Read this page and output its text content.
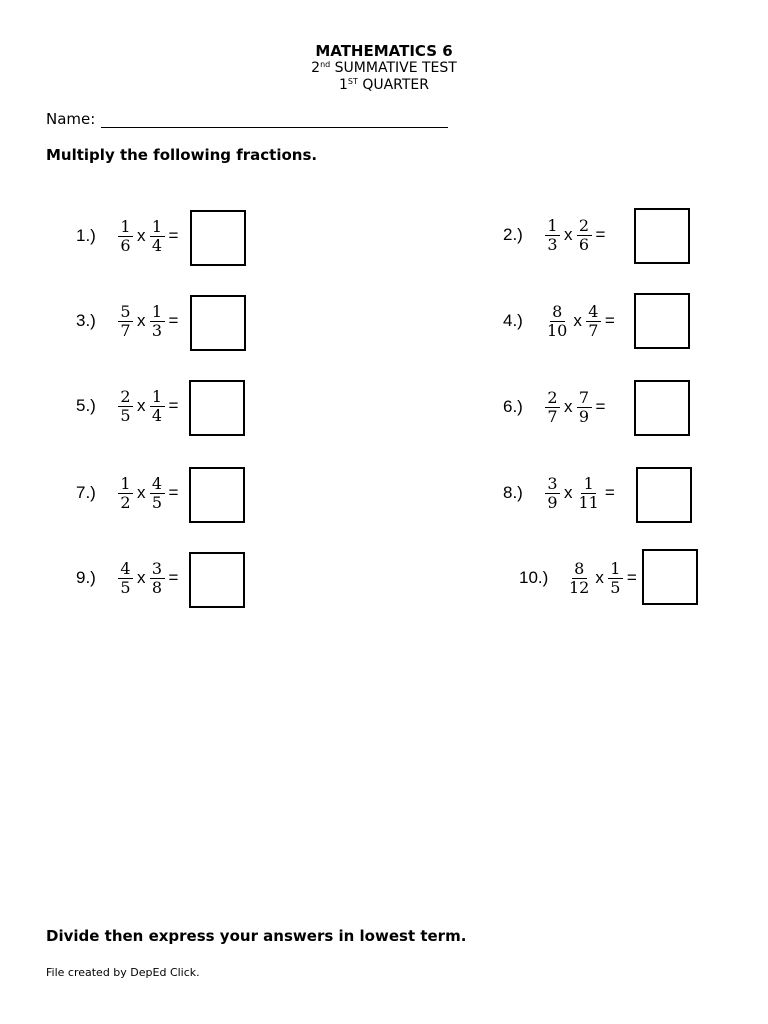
MATHEMATICS 6
2nd SUMMATIVE TEST
1ST QUARTER
Name:
Multiply the following fractions.
1.)	$\frac{1}{6}$ x $\frac{1}{4}$ =	2.)	$\frac{1}{3}$ x $\frac{2}{6}$ =
3.)	$\frac{5}{7}$ x $\frac{1}{3}$ =	4.)	$\frac{8}{10}$ x $\frac{4}{7}$ =
5.)	$\frac{2}{5}$ x $\frac{1}{4}$ =	6.)	$\frac{2}{7}$ x $\frac{7}{9}$ =
7.)	$\frac{1}{2}$ x $\frac{4}{5}$ =	8.)	$\frac{3}{9}$ x $\frac{1}{11}$ =
9.)	$\frac{4}{5}$ x $\frac{3}{8}$ =	10.)	$\frac{8}{12}$ x $\frac{1}{5}$ =
Divide then express your answers in lowest term.
File created by DepEd Click.
